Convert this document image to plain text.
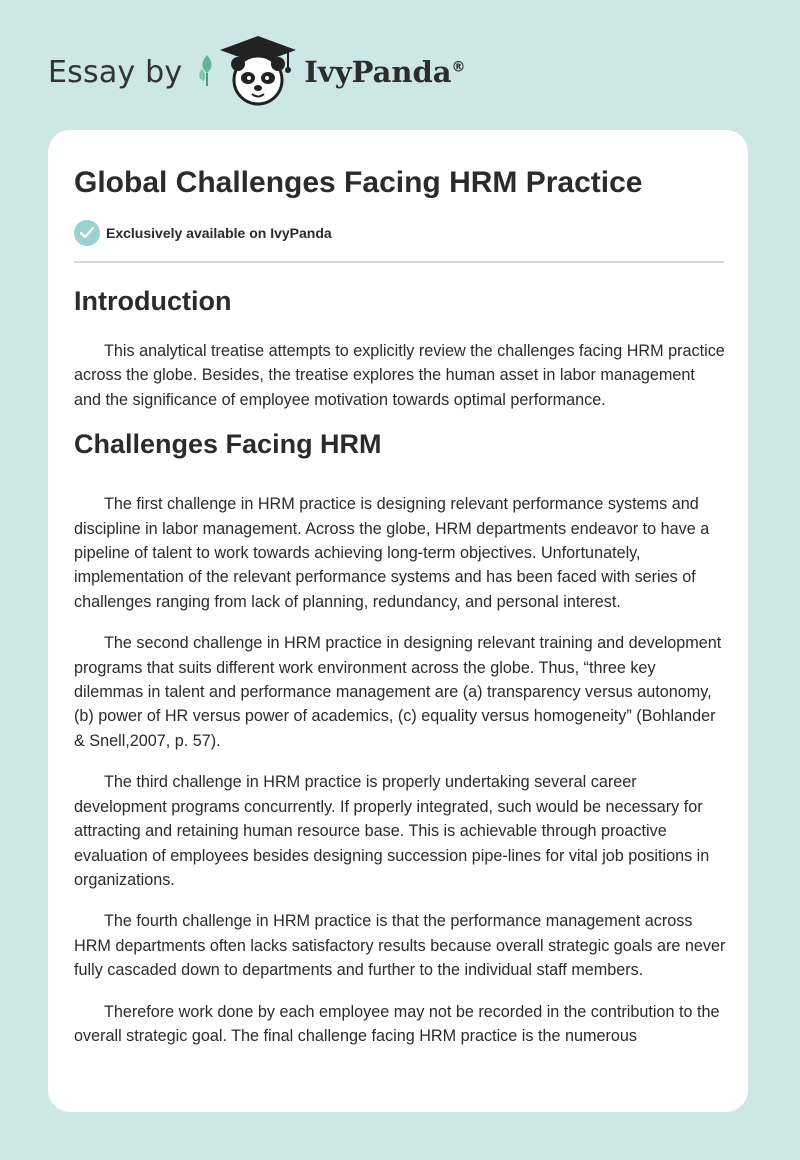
Essay by	IvyPanda®
Global Challenges Facing HRM Practice
Exclusively available on IvyPanda
Introduction

This analytical treatise attempts to explicitly review the challenges facing HRM practice across the globe. Besides, the treatise explores the human asset in labor management and the significance of employee motivation towards optimal performance.

Challenges Facing HRM

The first challenge in HRM practice is designing relevant performance systems and discipline in labor management. Across the globe, HRM departments endeavor to have a pipeline of talent to work towards achieving long-term objectives. Unfortunately, implementation of the relevant performance systems and has been faced with series of challenges ranging from lack of planning, redundancy, and personal interest.

The second challenge in HRM practice in designing relevant training and development programs that suits different work environment across the globe. Thus, “three key dilemmas in talent and performance management are (a) transparency versus autonomy, (b) power of HR versus power of academics, (c) equality versus homogeneity” (Bohlander & Snell,2007, p. 57).

The third challenge in HRM practice is properly undertaking several career development programs concurrently. If properly integrated, such would be necessary for attracting and retaining human resource base. This is achievable through proactive evaluation of employees besides designing succession pipe-lines for vital job positions in organizations.

The fourth challenge in HRM practice is that the performance management across HRM departments often lacks satisfactory results because overall strategic goals are never fully cascaded down to departments and further to the individual staff members.

Therefore work done by each employee may not be recorded in the contribution to the overall strategic goal. The final challenge facing HRM practice is the numerous
